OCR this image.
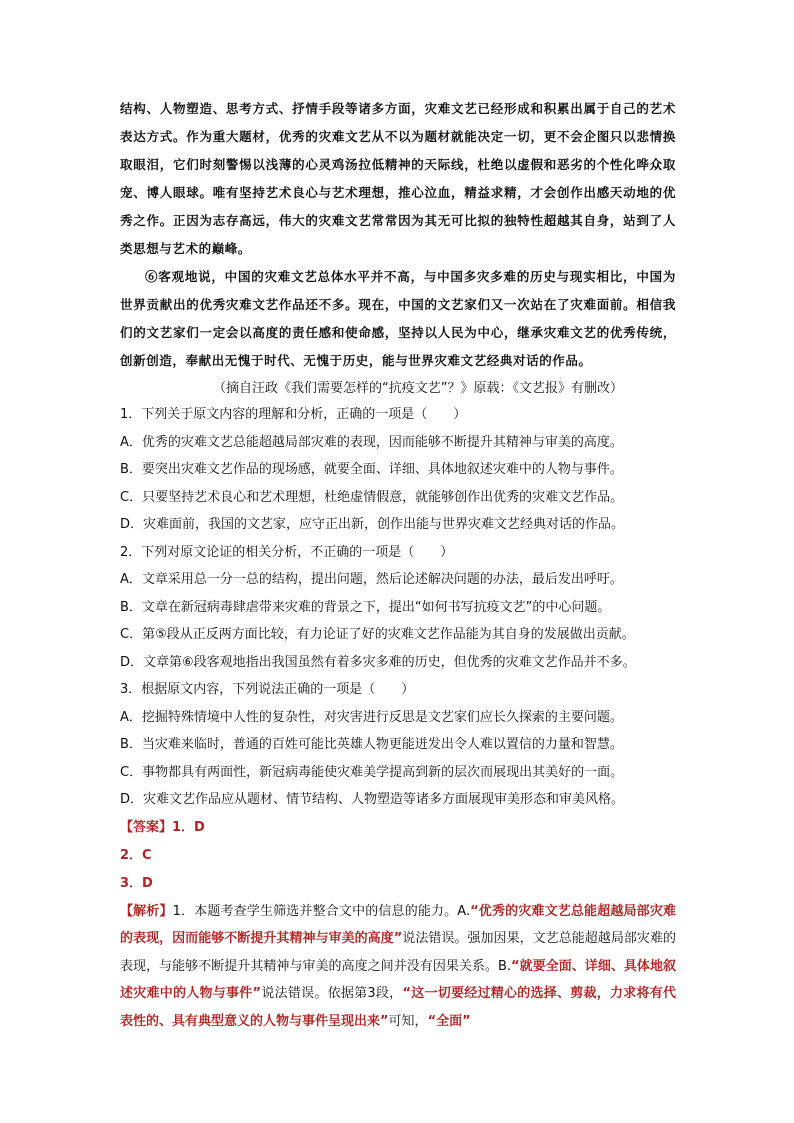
结构、人物塑造、思考方式、抒情手段等诸多方面，灾难文艺已经形成和积累出属于自己的艺术表达方式。作为重大题材，优秀的灾难文艺从不以为题材就能决定一切，更不会企图只以悲情换取眼泪，它们时刻警惕以浅薄的心灵鸡汤拉低精神的天际线，杜绝以虚假和恶劣的个性化哗众取宠、博人眼球。唯有坚持艺术良心与艺术理想，推心泣血，精益求精，才会创作出感天动地的优秀之作。正因为志存高远，伟大的灾难文艺常常因为其无可比拟的独特性超越其自身，站到了人类思想与艺术的巅峰。

⑥客观地说，中国的灾难文艺总体水平并不高，与中国多灾多难的历史与现实相比，中国为世界贡献出的优秀灾难文艺作品还不多。现在，中国的文艺家们又一次站在了灾难面前。相信我们的文艺家们一定会以高度的责任感和使命感，坚持以人民为中心，继承灾难文艺的优秀传统，创新创造，奉献出无愧于时代、无愧于历史，能与世界灾难文艺经典对话的作品。

（摘自汪政《我们需要怎样的“抗疫文艺”？》原载：《文艺报》有删改）

1．下列关于原文内容的理解和分析，正确的一项是（　　）

A．优秀的灾难文艺总能超越局部灾难的表现，因而能够不断提升其精神与审美的高度。

B．要突出灾难文艺作品的现场感，就要全面、详细、具体地叙述灾难中的人物与事件。

C．只要坚持艺术良心和艺术理想，杜绝虚情假意，就能够创作出优秀的灾难文艺作品。

D．灾难面前，我国的文艺家，应守正出新，创作出能与世界灾难文艺经典对话的作品。

2．下列对原文论证的相关分析，不正确的一项是（　　）

A．文章采用总一分一总的结构，提出问题，然后论述解决问题的办法，最后发出呼吁。

B．文章在新冠病毒肆虐带来灾难的背景之下，提出“如何书写抗疫文艺”的中心问题。

C．第⑤段从正反两方面比较，有力论证了好的灾难文艺作品能为其自身的发展做出贡献。

D．文章第⑥段客观地指出我国虽然有着多灾多难的历史，但优秀的灾难文艺作品并不多。

3．根据原文内容，下列说法正确的一项是（　　）

A．挖掘特殊情境中人性的复杂性，对灾害进行反思是文艺家们应长久探索的主要问题。

B．当灾难来临时，普通的百姓可能比英雄人物更能迸发出令人难以置信的力量和智慧。

C．事物都具有两面性，新冠病毒能使灾难美学提高到新的层次而展现出其美好的一面。

D．灾难文艺作品应从题材、情节结构、人物塑造等诸多方面展现审美形态和审美风格。

【答案】1．D

2．C

3．D

【解析】1．本题考查学生筛选并整合文中的信息的能力。A.“优秀的灾难文艺总能超越局部灾难的表现，因而能够不断提升其精神与审美的高度”说法错误。强加因果，文艺总能超越局部灾难的表现，与能够不断提升其精神与审美的高度之间并没有因果关系。B.“就要全面、详细、具体地叙述灾难中的人物与事件”说法错误。依据第3段，“这一切要经过精心的选择、剪裁，力求将有代表性的、具有典型意义的人物与事件呈现出来”可知，“全面”
